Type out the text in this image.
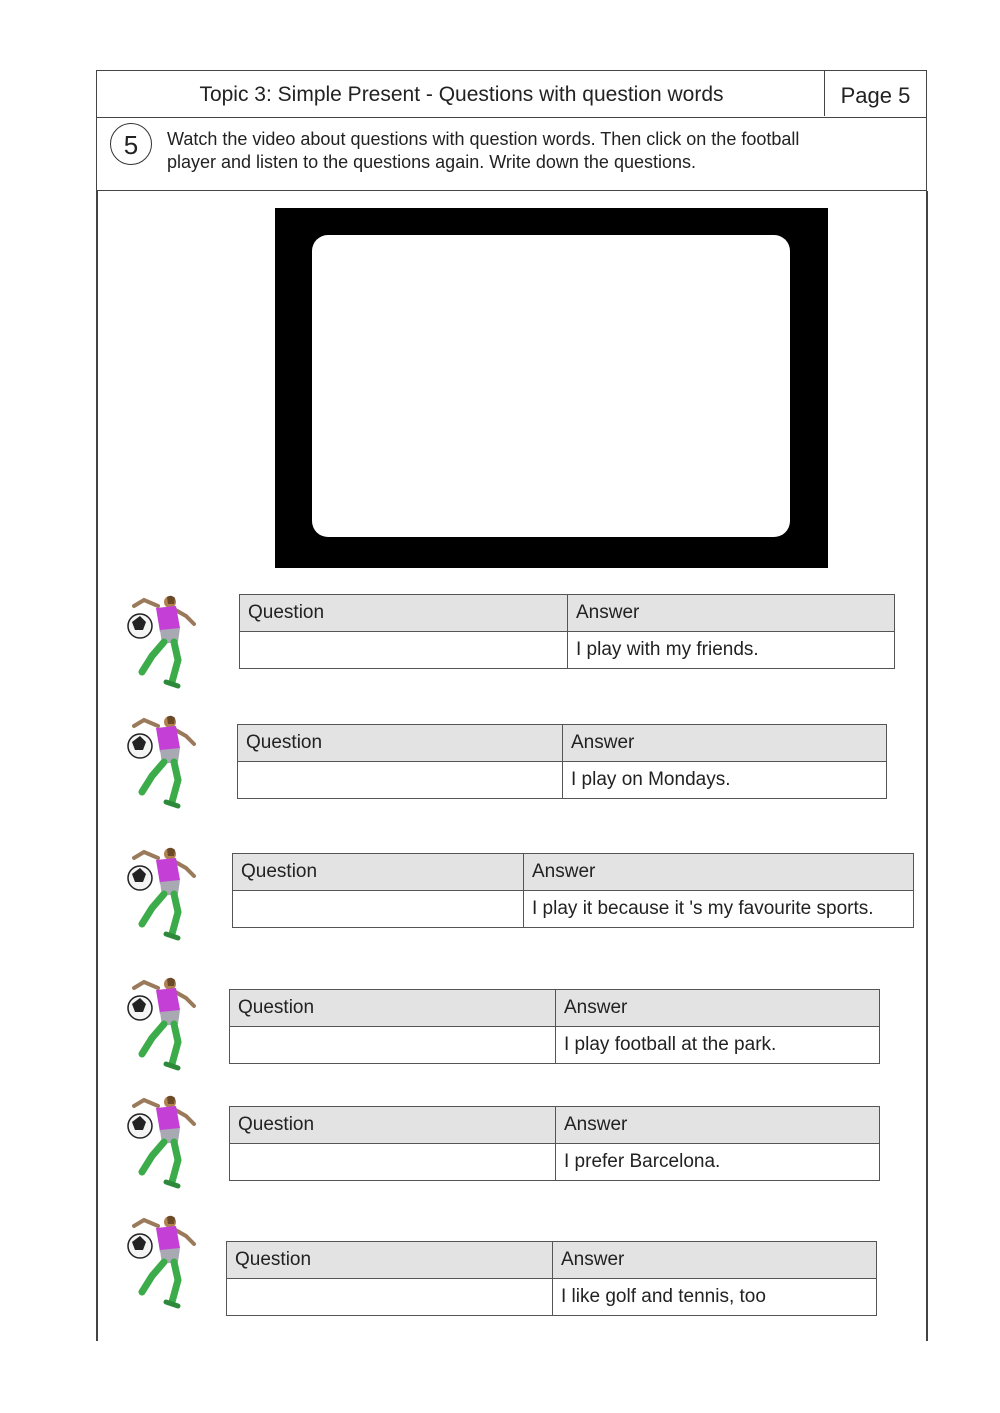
Topic 3: Simple Present - Questions with question words	Page 5
5	Watch the video about questions with question words. Then click on the football
player and listen to the questions again. Write down the questions.
Question	Answer
	I play with my friends.
Question	Answer
	I play on Mondays.
Question	Answer
	I play it because it 's my favourite sports.
Question	Answer
	I play football at the park.
Question	Answer
	I prefer Barcelona.
Question	Answer
	I like golf and tennis, too
